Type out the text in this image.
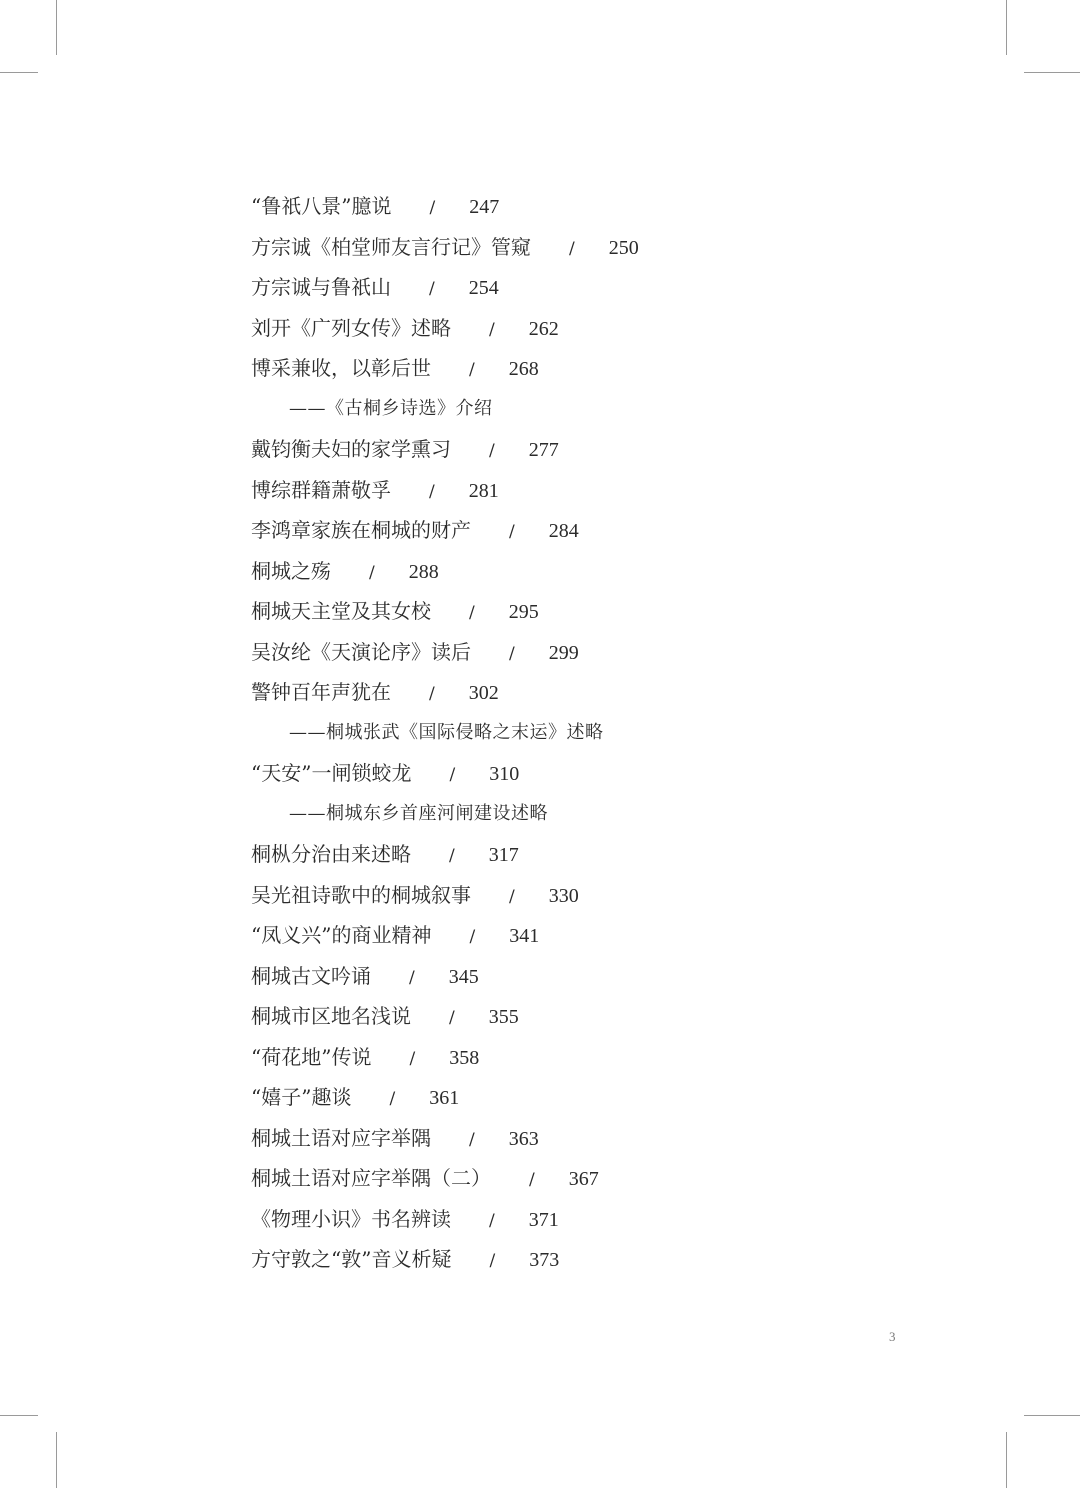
“鲁祇八景”臆说 / 247
方宗诚《柏堂师友言行记》管窥 / 250
方宗诚与鲁祇山 / 254
刘开《广列女传》述略 / 262
博采兼收，以彰后世 / 268
——《古桐乡诗选》介绍
戴钧衡夫妇的家学熏习 / 277
博综群籍萧敬孚 / 281
李鸿章家族在桐城的财产 / 284
桐城之殇 / 288
桐城天主堂及其女校 / 295
吴汝纶《天演论序》读后 / 299
警钟百年声犹在 / 302
——桐城张武《国际侵略之末运》述略
“天安”一闸锁蛟龙 / 310
——桐城东乡首座河闸建设述略
桐枞分治由来述略 / 317
吴光祖诗歌中的桐城叙事 / 330
“凤义兴”的商业精神 / 341
桐城古文吟诵 / 345
桐城市区地名浅说 / 355
“荷花地”传说 / 358
“嬉子”趣谈 / 361
桐城土语对应字举隅 / 363
桐城土语对应字举隅（二） / 367
《物理小识》书名辨读 / 371
方守敦之“敦”音义析疑 / 373
3
